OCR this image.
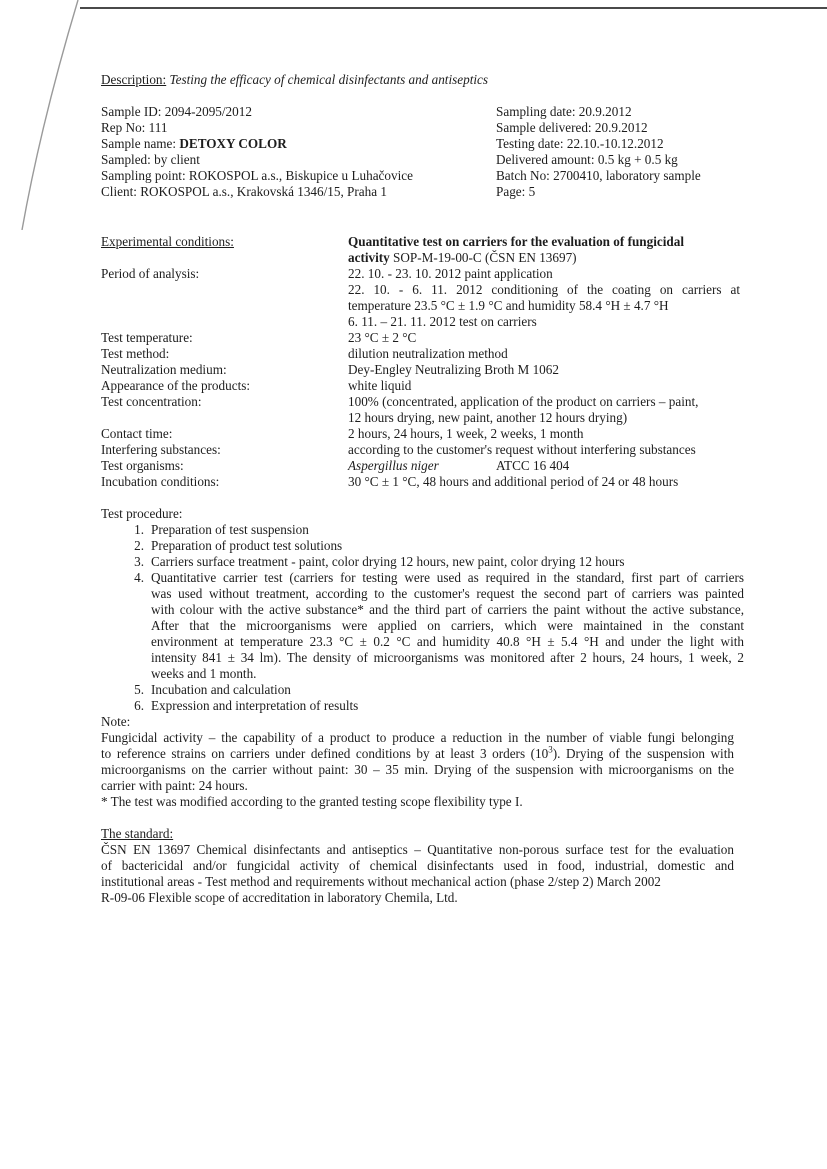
Description: Testing the efficacy of chemical disinfectants and antiseptics
Sample ID: 2094-2095/2012
Rep No: 111
Sample name: DETOXY COLOR
Sampled: by client
Sampling point: ROKOSPOL a.s., Biskupice u Luhačovice
Client: ROKOSPOL a.s., Krakovská 1346/15, Praha 1
Sampling date: 20.9.2012
Sample delivered: 20.9.2012
Testing date: 22.10.-10.12.2012
Delivered amount: 0.5 kg + 0.5 kg
Batch No: 2700410, laboratory sample
Page: 5
Experimental conditions:
Period of analysis:
Test temperature:
Test method:
Neutralization medium:
Appearance of the products:
Test concentration:
Contact time:
Interfering substances:
Test organisms:
Incubation conditions:
Quantitative test on carriers for the evaluation of fungicidal
activity SOP-M-19-00-C (ČSN EN 13697)
22. 10. - 23. 10. 2012 paint application
22. 10. - 6. 11. 2012 conditioning of the coating on carriers at
temperature 23.5 °C ± 1.9 °C and humidity 58.4 °H ± 4.7 °H
6. 11. – 21. 11. 2012 test on carriers
23 °C ± 2 °C
dilution neutralization method
Dey-Engley Neutralizing Broth M 1062
white liquid
100% (concentrated, application of the product on carriers – paint,
12 hours drying, new paint, another 12 hours drying)
2 hours, 24 hours, 1 week, 2 weeks, 1 month
according to the customer's request without interfering substances
Aspergillus niger	ATCC 16 404
30 °C ± 1 °C, 48 hours and additional period of 24 or 48 hours
Test procedure:
1. Preparation of test suspension
2. Preparation of product test solutions
3. Carriers surface treatment - paint, color drying 12 hours, new paint, color drying 12 hours
4. Quantitative carrier test (carriers for testing were used as required in the standard, first part of carriers
was used without treatment, according to the customer's request the second part of carriers was painted
with colour with the active substance* and the third part of carriers the paint without the active substance,
After that the microorganisms were applied on carriers, which were maintained in the constant
environment at temperature 23.3 °C ± 0.2 °C and humidity 40.8 °H ± 5.4 °H and under the light with
intensity 841 ± 34 lm). The density of microorganisms was monitored after 2 hours, 24 hours, 1 week, 2
weeks and 1 month.
5. Incubation and calculation
6. Expression and interpretation of results
Note:
Fungicidal activity – the capability of a product to produce a reduction in the number of viable fungi belonging
to reference strains on carriers under defined conditions by at least 3 orders $(10^3)$. Drying of the suspension with
microorganisms on the carrier without paint: 30 – 35 min. Drying of the suspension with microorganisms on the
carrier with paint: 24 hours.
* The test was modified according to the granted testing scope flexibility type I.
The standard:
ČSN EN 13697 Chemical disinfectants and antiseptics – Quantitative non-porous surface test for the evaluation
of bactericidal and/or fungicidal activity of chemical disinfectants used in food, industrial, domestic and
institutional areas - Test method and requirements without mechanical action (phase 2/step 2) March 2002
R-09-06 Flexible scope of accreditation in laboratory Chemila, Ltd.
